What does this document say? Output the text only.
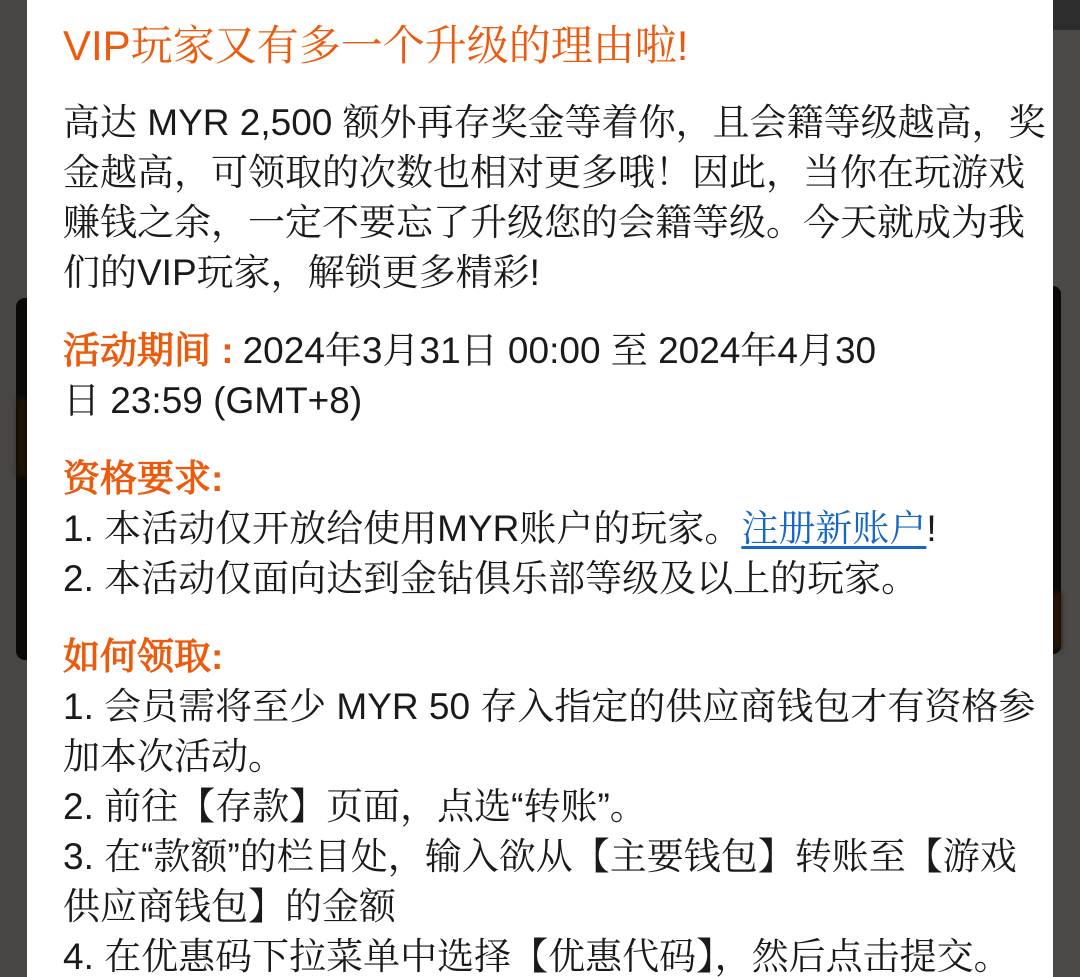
VIP玩家又有多一个升级的理由啦!
高达 MYR 2,500 额外再存奖金等着你，且会籍等级越高，奖
金越高，可领取的次数也相对更多哦！因此，当你在玩游戏
赚钱之余，一定不要忘了升级您的会籍等级。今天就成为我
们的VIP玩家，解锁更多精彩!
活动期间 : 2024年3月31日 00:00 至 2024年4月30
日 23:59 (GMT+8)
资格要求:
1. 本活动仅开放给使用MYR账户的玩家。注册新账户!
2. 本活动仅面向达到金钻俱乐部等级及以上的玩家。
如何领取:
1. 会员需将至少 MYR 50 存入指定的供应商钱包才有资格参
加本次活动。
2. 前往【存款】页面，点选“转账”。
3. 在“款额”的栏目处，输入欲从【主要钱包】转账至【游戏
供应商钱包】的金额
4. 在优惠码下拉菜单中选择【优惠代码】，然后点击提交。
